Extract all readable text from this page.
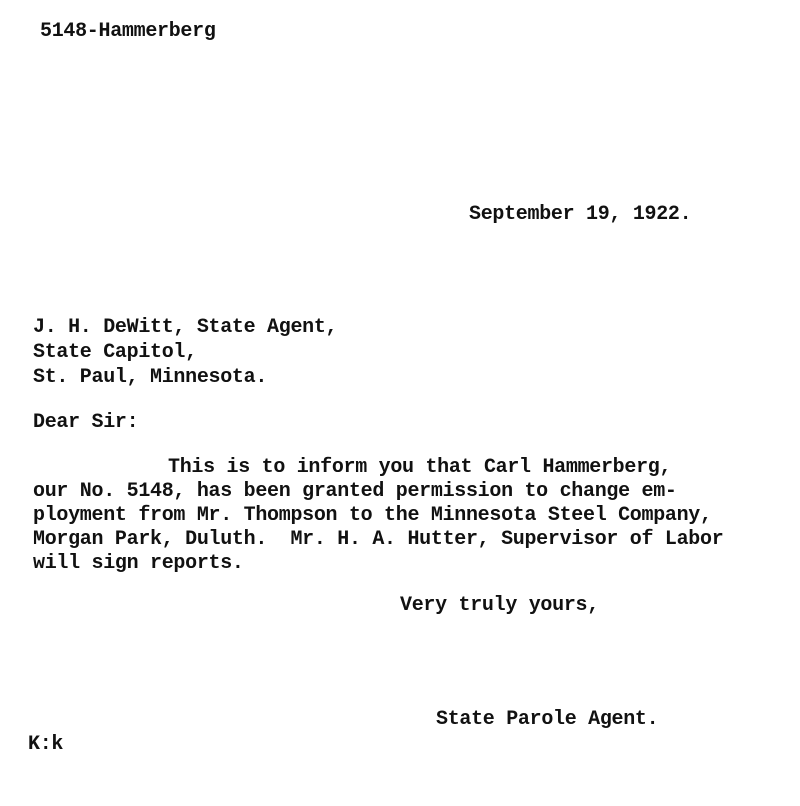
5148-Hammerberg
September 19, 1922.
J. H. DeWitt, State Agent,
State Capitol,
St. Paul, Minnesota.
Dear Sir:
This is to inform you that Carl Hammerberg,
our No. 5148, has been granted permission to change em-
ployment from Mr. Thompson to the Minnesota Steel Company,
Morgan Park, Duluth.  Mr. H. A. Hutter, Supervisor of Labor
will sign reports.
Very truly yours,
State Parole Agent.
K:k
